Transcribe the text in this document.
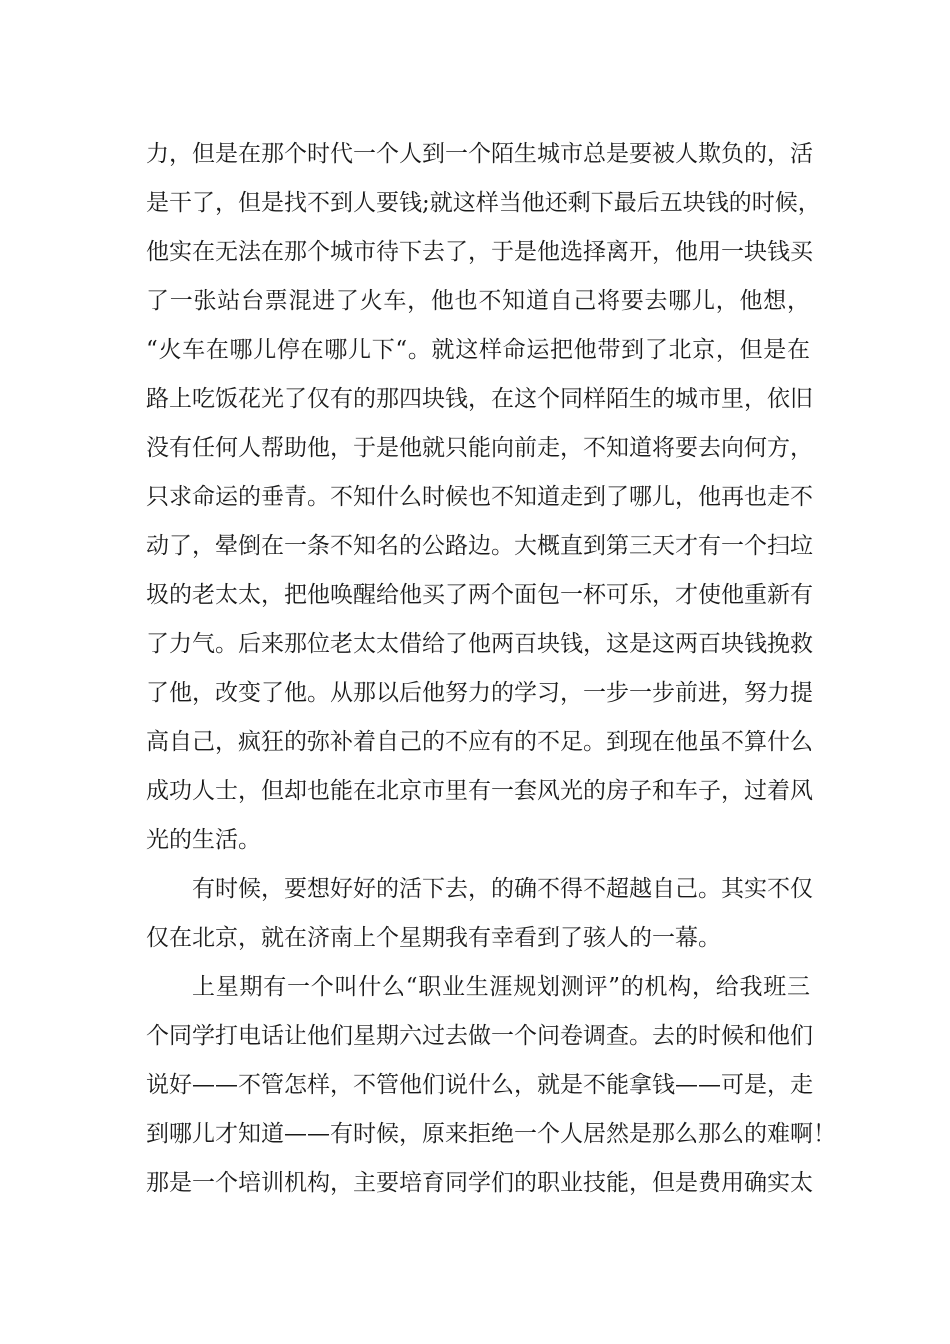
力，但是在那个时代一个人到一个陌生城市总是要被人欺负的，活
是干了，但是找不到人要钱;就这样当他还剩下最后五块钱的时候，
他实在无法在那个城市待下去了，于是他选择离开，他用一块钱买
了一张站台票混进了火车，他也不知道自己将要去哪儿，他想，
“火车在哪儿停在哪儿下“。就这样命运把他带到了北京，但是在
路上吃饭花光了仅有的那四块钱，在这个同样陌生的城市里，依旧
没有任何人帮助他，于是他就只能向前走，不知道将要去向何方，
只求命运的垂青。不知什么时候也不知道走到了哪儿，他再也走不
动了，晕倒在一条不知名的公路边。大概直到第三天才有一个扫垃
圾的老太太，把他唤醒给他买了两个面包一杯可乐，才使他重新有
了力气。后来那位老太太借给了他两百块钱，这是这两百块钱挽救
了他，改变了他。从那以后他努力的学习，一步一步前进，努力提
高自己，疯狂的弥补着自己的不应有的不足。到现在他虽不算什么
成功人士，但却也能在北京市里有一套风光的房子和车子，过着风
光的生活。
有时候，要想好好的活下去，的确不得不超越自己。其实不仅
仅在北京，就在济南上个星期我有幸看到了骇人的一幕。
上星期有一个叫什么“职业生涯规划测评”的机构，给我班三
个同学打电话让他们星期六过去做一个问卷调查。去的时候和他们
说好——不管怎样，不管他们说什么，就是不能拿钱——可是，走
到哪儿才知道——有时候，原来拒绝一个人居然是那么那么的难啊！
那是一个培训机构，主要培育同学们的职业技能，但是费用确实太
